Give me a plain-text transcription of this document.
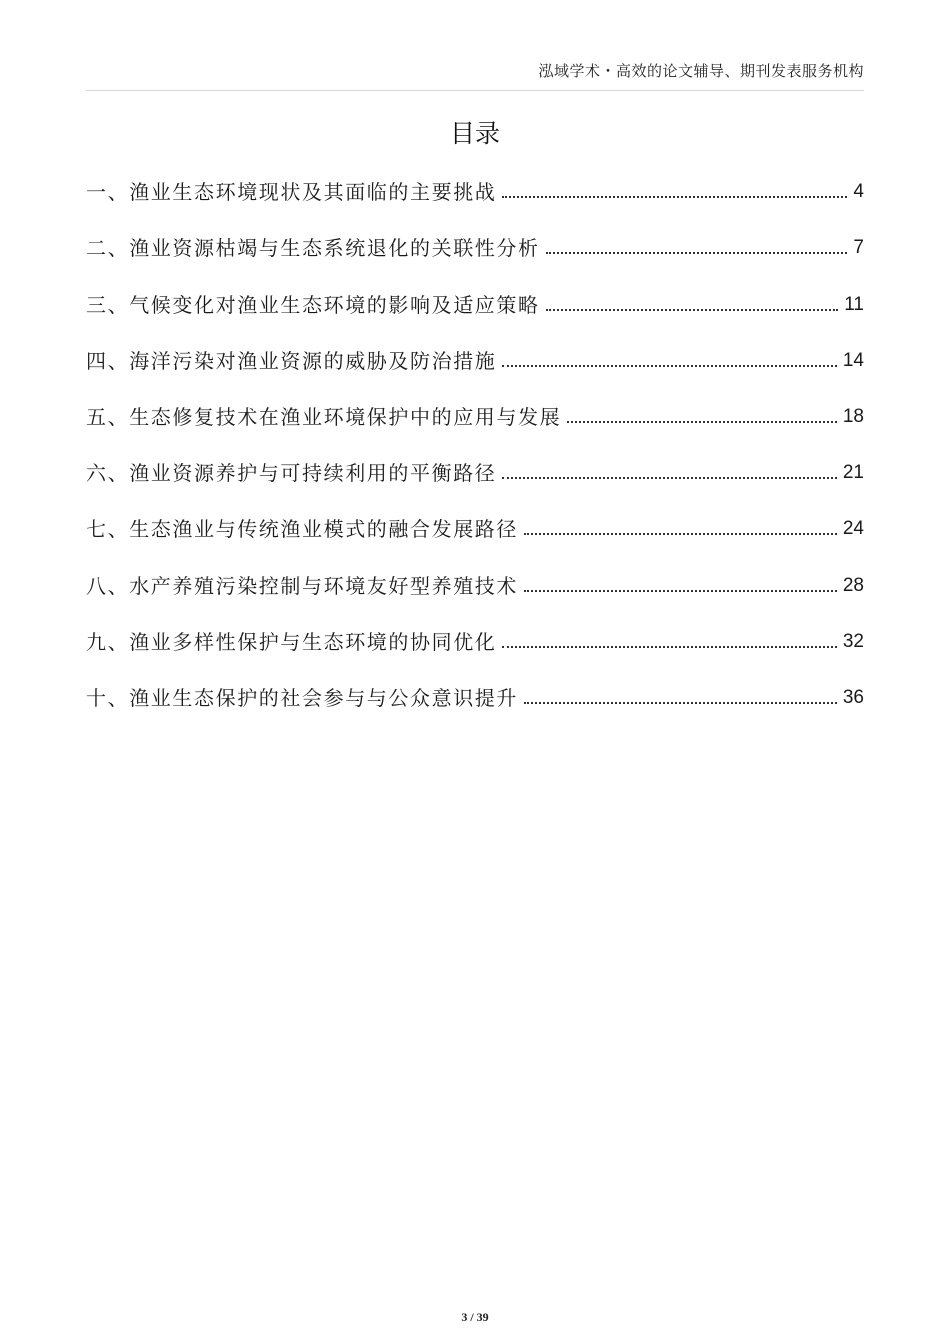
泓域学术・高效的论文辅导、期刊发表服务机构
目录
一、渔业生态环境现状及其面临的主要挑战	4
二、渔业资源枯竭与生态系统退化的关联性分析	7
三、气候变化对渔业生态环境的影响及适应策略	11
四、海洋污染对渔业资源的威胁及防治措施	14
五、生态修复技术在渔业环境保护中的应用与发展	18
六、渔业资源养护与可持续利用的平衡路径	21
七、生态渔业与传统渔业模式的融合发展路径	24
八、水产养殖污染控制与环境友好型养殖技术	28
九、渔业多样性保护与生态环境的协同优化	32
十、渔业生态保护的社会参与与公众意识提升	36
3 / 39
